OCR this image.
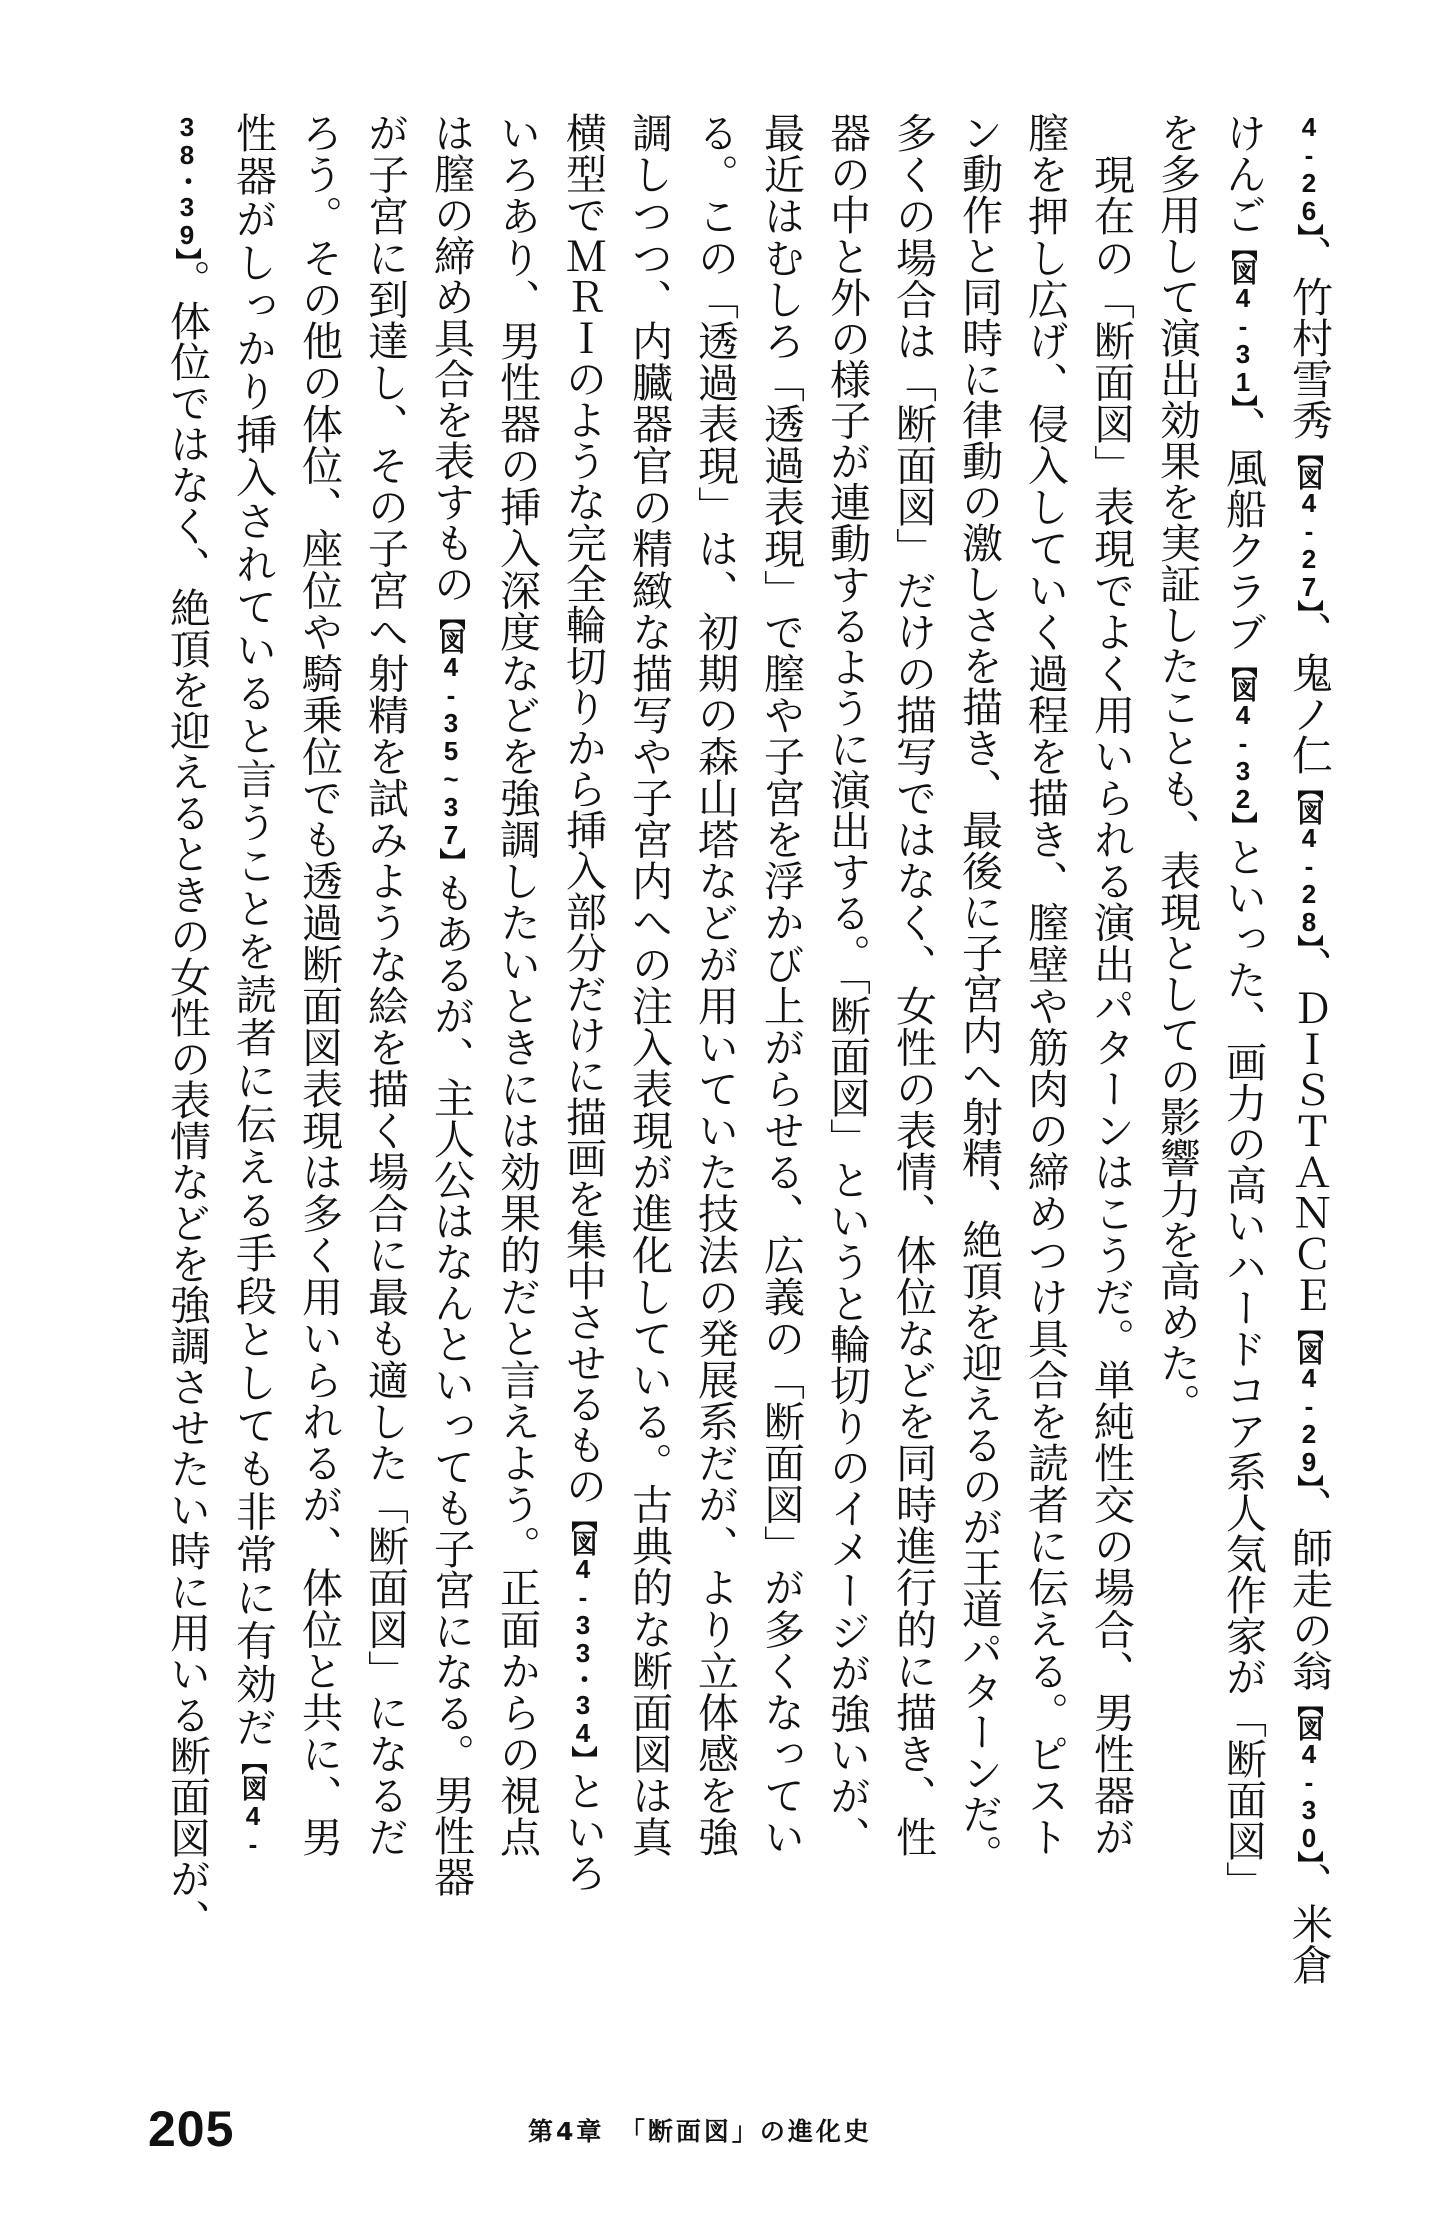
4-26】、竹村雪秀【図4-27】、鬼ノ仁【図4-28】、ＤＩＳＴＡＮＣＥ【図4-29】、師走の翁【図4-30】、米倉
けんご【図4-31】、風船クラブ【図4-32】といった、画力の高いハードコア系人気作家が「断面図」
を多用して演出効果を実証したことも、表現としての影響力を高めた。
　現在の「断面図」表現でよく用いられる演出パターンはこうだ。単純性交の場合、男性器が
膣を押し広げ、侵入していく過程を描き、膣壁や筋肉の締めつけ具合を読者に伝える。ピスト
ン動作と同時に律動の激しさを描き、最後に子宮内へ射精、絶頂を迎えるのが王道パターンだ。
多くの場合は「断面図」だけの描写ではなく、女性の表情、体位などを同時進行的に描き、性
器の中と外の様子が連動するように演出する。「断面図」というと輪切りのイメージが強いが、
最近はむしろ「透過表現」で膣や子宮を浮かび上がらせる、広義の「断面図」が多くなってい
る。この「透過表現」は、初期の森山塔などが用いていた技法の発展系だが、より立体感を強
調しつつ、内臓器官の精緻な描写や子宮内への注入表現が進化している。古典的な断面図は真
横型でＭＲＩのような完全輪切りから挿入部分だけに描画を集中させるもの【図4-33・34】といろ
いろあり、男性器の挿入深度などを強調したいときには効果的だと言えよう。正面からの視点
は膣の締め具合を表すもの【図4-35~37】もあるが、主人公はなんといっても子宮になる。男性器
が子宮に到達し、その子宮へ射精を試みような絵を描く場合に最も適した「断面図」になるだ
ろう。その他の体位、座位や騎乗位でも透過断面図表現は多く用いられるが、体位と共に、男
性器がしっかり挿入されていると言うことを読者に伝える手段としても非常に有効だ【図4-
38・39】。体位ではなく、絶頂を迎えるときの女性の表情などを強調させたい時に用いる断面図が、
205	第4章　「断面図」の進化史
